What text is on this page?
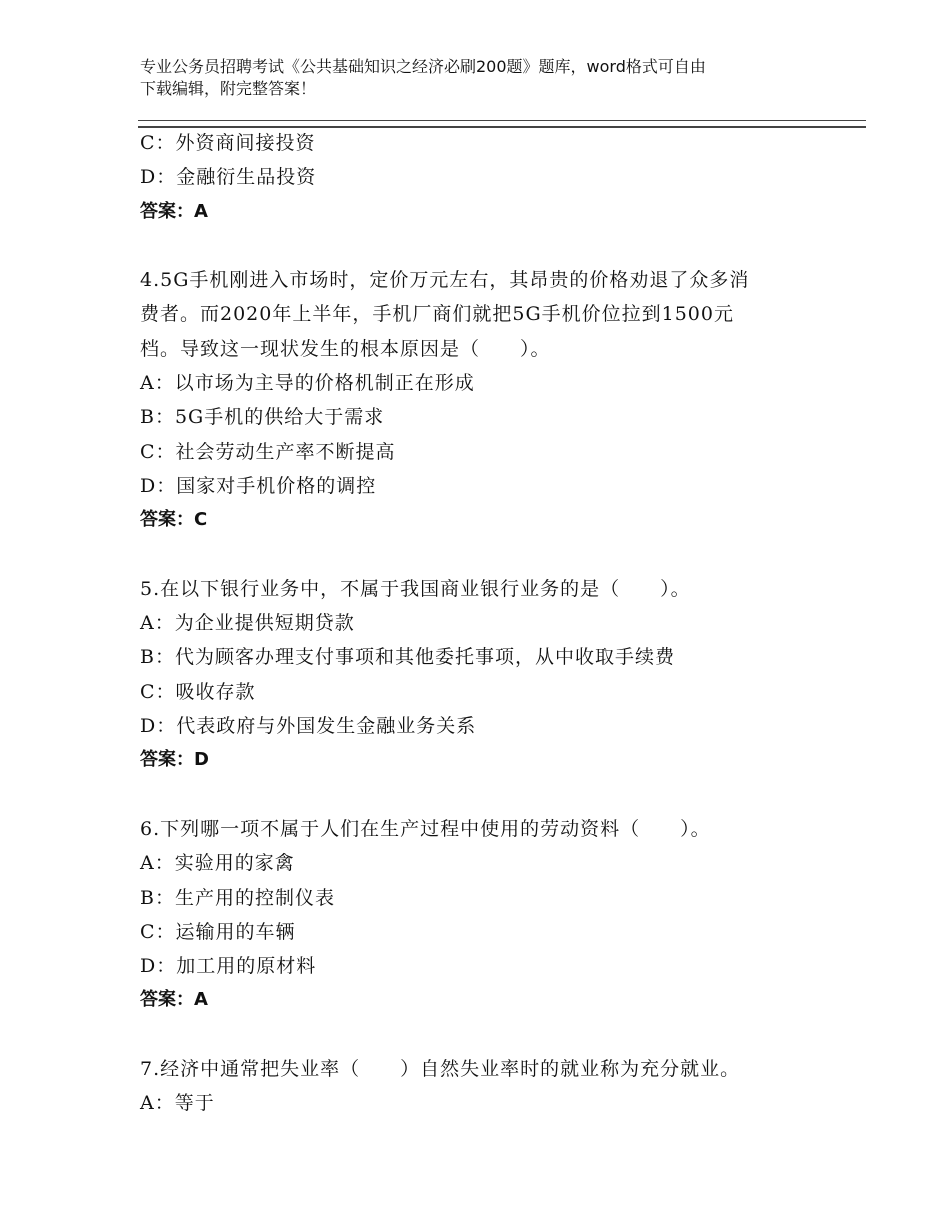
专业公务员招聘考试《公共基础知识之经济必刷200题》题库，word格式可自由
下载编辑，附完整答案！
C：外资商间接投资
D：金融衍生品投资
答案：A
4.5G手机刚进入市场时，定价万元左右，其昂贵的价格劝退了众多消
费者。而2020年上半年，手机厂商们就把5G手机价位拉到1500元
档。导致这一现状发生的根本原因是（　　）。
A：以市场为主导的价格机制正在形成
B：5G手机的供给大于需求
C：社会劳动生产率不断提高
D：国家对手机价格的调控
答案：C
5.在以下银行业务中，不属于我国商业银行业务的是（　　）。
A：为企业提供短期贷款
B：代为顾客办理支付事项和其他委托事项，从中收取手续费
C：吸收存款
D：代表政府与外国发生金融业务关系
答案：D
6.下列哪一项不属于人们在生产过程中使用的劳动资料（　　）。
A：实验用的家禽
B：生产用的控制仪表
C：运输用的车辆
D：加工用的原材料
答案：A
7.经济中通常把失业率（　　）自然失业率时的就业称为充分就业。
A：等于
